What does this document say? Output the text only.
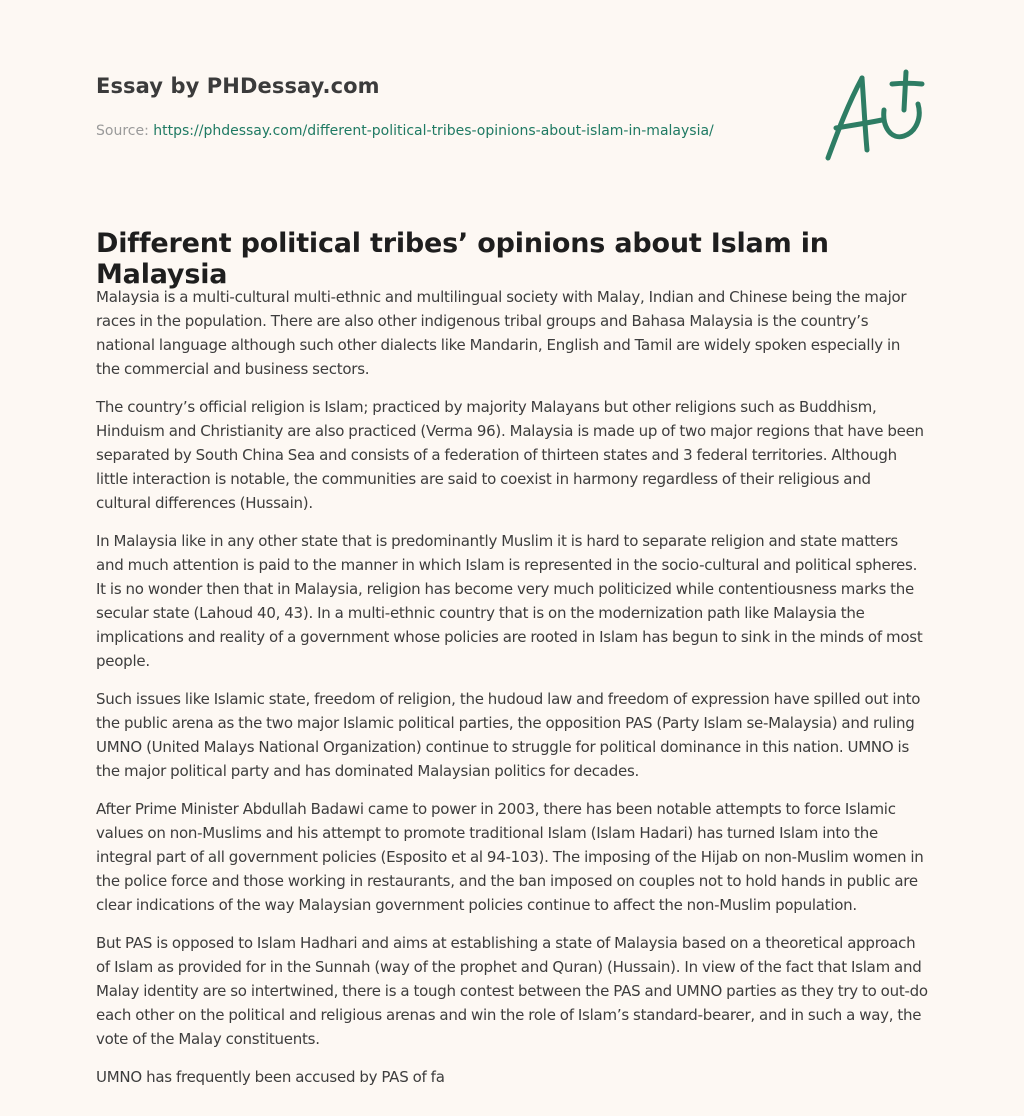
Essay by PHDessay.com
Source: https://phdessay.com/different-political-tribes-opinions-about-islam-in-malaysia/
Different political tribes’ opinions about Islam in Malaysia

Malaysia is a multi-cultural multi-ethnic and multilingual society with Malay, Indian and Chinese being the major races in the population. There are also other indigenous tribal groups and Bahasa Malaysia is the country’s national language although such other dialects like Mandarin, English and Tamil are widely spoken especially in the commercial and business sectors.

The country’s official religion is Islam; practiced by majority Malayans but other religions such as Buddhism, Hinduism and Christianity are also practiced (Verma 96). Malaysia is made up of two major regions that have been separated by South China Sea and consists of a federation of thirteen states and 3 federal territories. Although little interaction is notable, the communities are said to coexist in harmony regardless of their religious and cultural differences (Hussain).

In Malaysia like in any other state that is predominantly Muslim it is hard to separate religion and state matters and much attention is paid to the manner in which Islam is represented in the socio-cultural and political spheres. It is no wonder then that in Malaysia, religion has become very much politicized while contentiousness marks the secular state (Lahoud 40, 43). In a multi-ethnic country that is on the modernization path like Malaysia the implications and reality of a government whose policies are rooted in Islam has begun to sink in the minds of most people.

Such issues like Islamic state, freedom of religion, the hudoud law and freedom of expression have spilled out into the public arena as the two major Islamic political parties, the opposition PAS (Party Islam se-Malaysia) and ruling UMNO (United Malays National Organization) continue to struggle for political dominance in this nation. UMNO is the major political party and has dominated Malaysian politics for decades.

After Prime Minister Abdullah Badawi came to power in 2003, there has been notable attempts to force Islamic values on non-Muslims and his attempt to promote traditional Islam (Islam Hadari) has turned Islam into the integral part of all government policies (Esposito et al 94-103). The imposing of the Hijab on non-Muslim women in the police force and those working in restaurants, and the ban imposed on couples not to hold hands in public are clear indications of the way Malaysian government policies continue to affect the non-Muslim population.

But PAS is opposed to Islam Hadhari and aims at establishing a state of Malaysia based on a theoretical approach of Islam as provided for in the Sunnah (way of the prophet and Quran) (Hussain). In view of the fact that Islam and Malay identity are so intertwined, there is a tough contest between the PAS and UMNO parties as they try to out-do each other on the political and religious arenas and win the role of Islam’s standard-bearer, and in such a way, the vote of the Malay constituents.

UMNO has frequently been accused by PAS of fa
